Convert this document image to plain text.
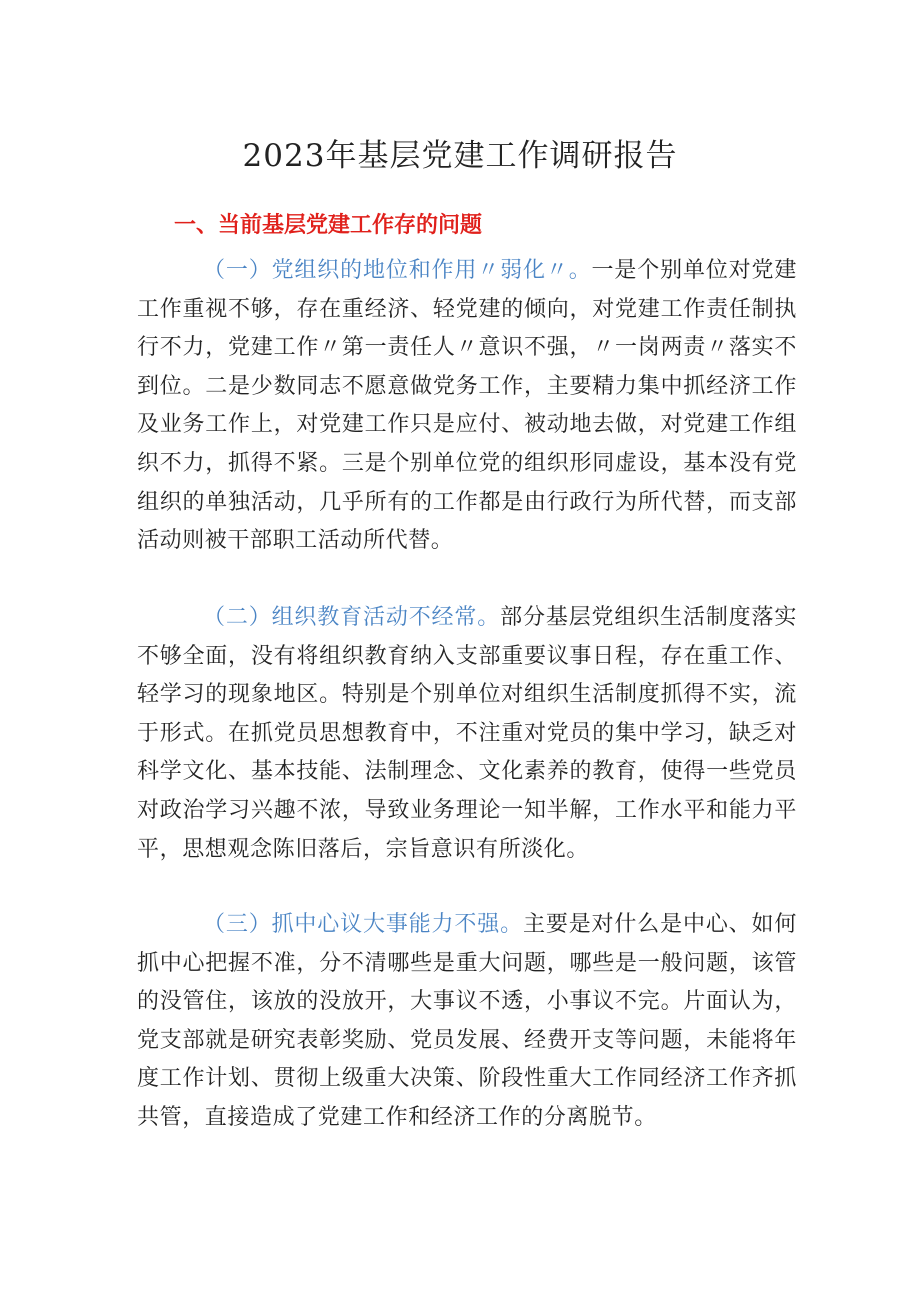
2023年基层党建工作调研报告
一、当前基层党建工作存的问题

（一）党组织的地位和作用〃弱化〃。一是个别单位对党建工作重视不够，存在重经济、轻党建的倾向，对党建工作责任制执行不力，党建工作〃第一责任人〃意识不强，〃一岗两责〃落实不到位。二是少数同志不愿意做党务工作，主要精力集中抓经济工作及业务工作上，对党建工作只是应付、被动地去做，对党建工作组织不力，抓得不紧。三是个别单位党的组织形同虚设，基本没有党组织的单独活动，几乎所有的工作都是由行政行为所代替，而支部活动则被干部职工活动所代替。

（二）组织教育活动不经常。部分基层党组织生活制度落实不够全面，没有将组织教育纳入支部重要议事日程，存在重工作、轻学习的现象地区。特别是个别单位对组织生活制度抓得不实，流于形式。在抓党员思想教育中，不注重对党员的集中学习，缺乏对科学文化、基本技能、法制理念、文化素养的教育，使得一些党员对政治学习兴趣不浓，导致业务理论一知半解，工作水平和能力平平，思想观念陈旧落后，宗旨意识有所淡化。

（三）抓中心议大事能力不强。主要是对什么是中心、如何抓中心把握不准，分不清哪些是重大问题，哪些是一般问题，该管的没管住，该放的没放开，大事议不透，小事议不完。片面认为，党支部就是研究表彰奖励、党员发展、经费开支等问题，未能将年度工作计划、贯彻上级重大决策、阶段性重大工作同经济工作齐抓共管，直接造成了党建工作和经济工作的分离脱节。
